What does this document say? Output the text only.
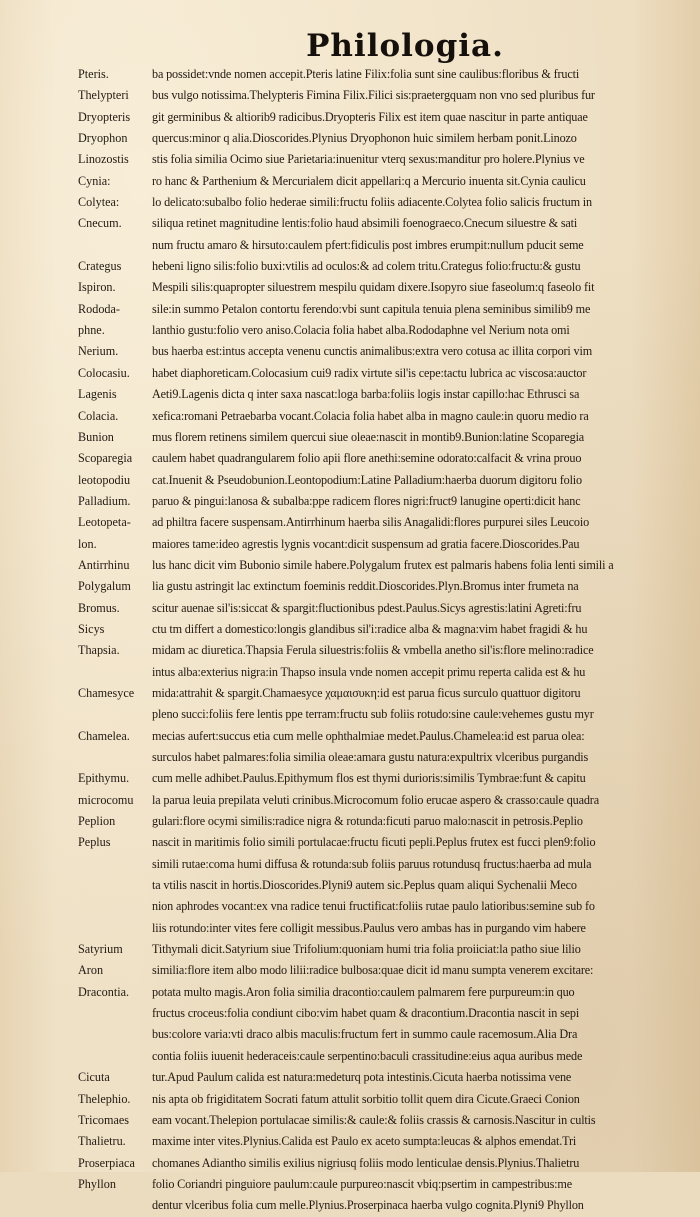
Philologia.
Pteris.	ba possidet:vnde nomen accepit.Pteris latine Filix:folia sunt sine caulibus:floribus & fructi
Thelypteri	bus vulgo notissima.Thelypteris Fimina Filix.Filici sis:praetergquam non vno sed pluribus fur
Dryopteris	git germinibus & altiorib9 radicibus.Dryopteris Filix est item quae nascitur in parte antiquae
Dryophon	quercus:minor q alia.Dioscorides.Plynius Dryophonon huic similem herbam ponit.Linozo
Linozostis	stis folia similia Ocimo siue Parietaria:inuenitur vterq sexus:manditur pro holere.Plynius ve
Cynia:	ro hanc & Parthenium & Mercurialem dicit appellari:q a Mercurio inuenta sit.Cynia caulicu
Colytea:	lo delicato:subalbo folio hederae simili:fructu foliis adiacente.Colytea folio salicis fructum in
Cnecum.	siliqua retinet magnitudine lentis:folio haud absimili foenograeco.Cnecum siluestre & sati
num fructu amaro & hirsuto:caulem pfert:fidiculis post imbres erumpit:nullum pducit seme
Crategus	hebeni ligno silis:folio buxi:vtilis ad oculos:& ad colem tritu.Crategus folio:fructu:& gustu
Ispiron.	Mespili silis:quapropter siluestrem mespilu quidam dixere.Isopyro siue faseolum:q faseolo fit
Rododa-	sile:in summo Petalon contortu ferendo:vbi sunt capitula tenuia plena seminibus similib9 me
phne.	lanthio gustu:folio vero aniso.Colacia folia habet alba.Rododaphne vel Nerium nota omi
Nerium.	bus haerba est:intus accepta venenu cunctis animalibus:extra vero cotusa ac illita corpori vim
Colocasiu.	habet diaphoreticam.Colocasium cui9 radix virtute sil'is cepe:tactu lubrica ac viscosa:auctor
Lagenis	Aeti9.Lagenis dicta q inter saxa nascat:loga barba:foliis logis instar capillo:hac Ethrusci sa
Colacia.	xefica:romani Petraebarba vocant.Colacia folia habet alba in magno caule:in quoru medio ra
Bunion	mus florem retinens similem quercui siue oleae:nascit in montib9.Bunion:latine Scoparegia
Scoparegia	caulem habet quadrangularem folio apii flore anethi:semine odorato:calfacit & vrina prouo
leotopodiu	cat.Inuenit & Pseudobunion.Leontopodium:Latine Palladium:haerba duorum digitoru folio
Palladium.	paruo & pingui:lanosa & subalba:ppe radicem flores nigri:fruct9 lanugine operti:dicit hanc
Leotopeta-	ad philtra facere suspensam.Antirrhinum haerba silis Anagalidi:flores purpurei siles Leucoio
lon.	maiores tame:ideo agrestis lygnis vocant:dicit suspensum ad gratia facere.Dioscorides.Pau
Antirrhinu	lus hanc dicit vim Bubonio simile habere.Polygalum frutex est palmaris habens folia lenti simili a
Polygalum	lia gustu astringit lac extinctum foeminis reddit.Dioscorides.Plyn.Bromus inter frumeta na
Bromus.	scitur auenae sil'is:siccat & spargit:fluctionibus pdest.Paulus.Sicys agrestis:latini Agreti:fru
Sicys	ctu tm differt a domestico:longis glandibus sil'i:radice alba & magna:vim habet fragidi & hu
Thapsia.	midam ac diuretica.Thapsia Ferula siluestris:foliis & vmbella anetho sil'is:flore melino:radice
intus alba:exterius nigra:in Thapso insula vnde nomen accepit primu reperta calida est & hu
Chamesyce	mida:attrahit & spargit.Chamaesyce χαμαισυκη:id est parua ficus surculo quattuor digitoru
pleno succi:foliis fere lentis ppe terram:fructu sub foliis rotudo:sine caule:vehemes gustu myr
Chamelea.	mecias aufert:succus etia cum melle ophthalmiae medet.Paulus.Chamelea:id est parua olea:
surculos habet palmares:folia similia oleae:amara gustu natura:expultrix vlceribus purgandis
Epithymu.	cum melle adhibet.Paulus.Epithymum flos est thymi durioris:similis Tymbrae:funt & capitu
microcomu	la parua leuia prepilata veluti crinibus.Microcomum folio erucae aspero & crasso:caule quadra
Peplion	gulari:flore ocymi similis:radice nigra & rotunda:ficuti paruo malo:nascit in petrosis.Peplio
Peplus	nascit in maritimis folio simili portulacae:fructu ficuti pepli.Peplus frutex est fucci plen9:folio
simili rutae:coma humi diffusa & rotunda:sub foliis paruus rotundusq fructus:haerba ad mula
ta vtilis nascit in hortis.Dioscorides.Plyni9 autem sic.Peplus quam aliqui Sychenalii Meco
nion aphrodes vocant:ex vna radice tenui fructificat:foliis rutae paulo latioribus:semine sub fo
liis rotundo:inter vites fere colligit messibus.Paulus vero ambas has in purgando vim habere
Satyrium	Tithymali dicit.Satyrium siue Trifolium:quoniam humi tria folia proiiciat:la patho siue lilio
Aron	similia:flore item albo modo lilii:radice bulbosa:quae dicit id manu sumpta venerem excitare:
Dracontia.	potata multo magis.Aron folia similia dracontio:caulem palmarem fere purpureum:in quo
fructus croceus:folia condiunt cibo:vim habet quam & dracontium.Dracontia nascit in sepi
bus:colore varia:vti draco albis maculis:fructum fert in summo caule racemosum.Alia Dra
contia foliis iuuenit hederaceis:caule serpentino:baculi crassitudine:eius aqua auribus mede
Cicuta	tur.Apud Paulum calida est natura:medeturq pota intestinis.Cicuta haerba notissima vene
Thelephio.	nis apta ob frigiditatem Socrati fatum attulit sorbitio tollit quem dira Cicute.Graeci Conion
Tricomaes	eam vocant.Thelepion portulacae similis:& caule:& foliis crassis & carnosis.Nascitur in cultis
Thalietru.	maxime inter vites.Plynius.Calida est Paulo ex aceto sumpta:leucas & alphos emendat.Tri
Proserpiaca	chomanes Adiantho similis exilius nigriusq foliis modo lenticulae densis.Plynius.Thalietru
Phyllon	folio Coriandri pinguiore paulum:caule purpureo:nascit vbiq:psertim in campestribus:me
dentur vlceribus folia cum melle.Plynius.Proserpinaca haerba vulgo cognita.Plyni9 Phyllon
